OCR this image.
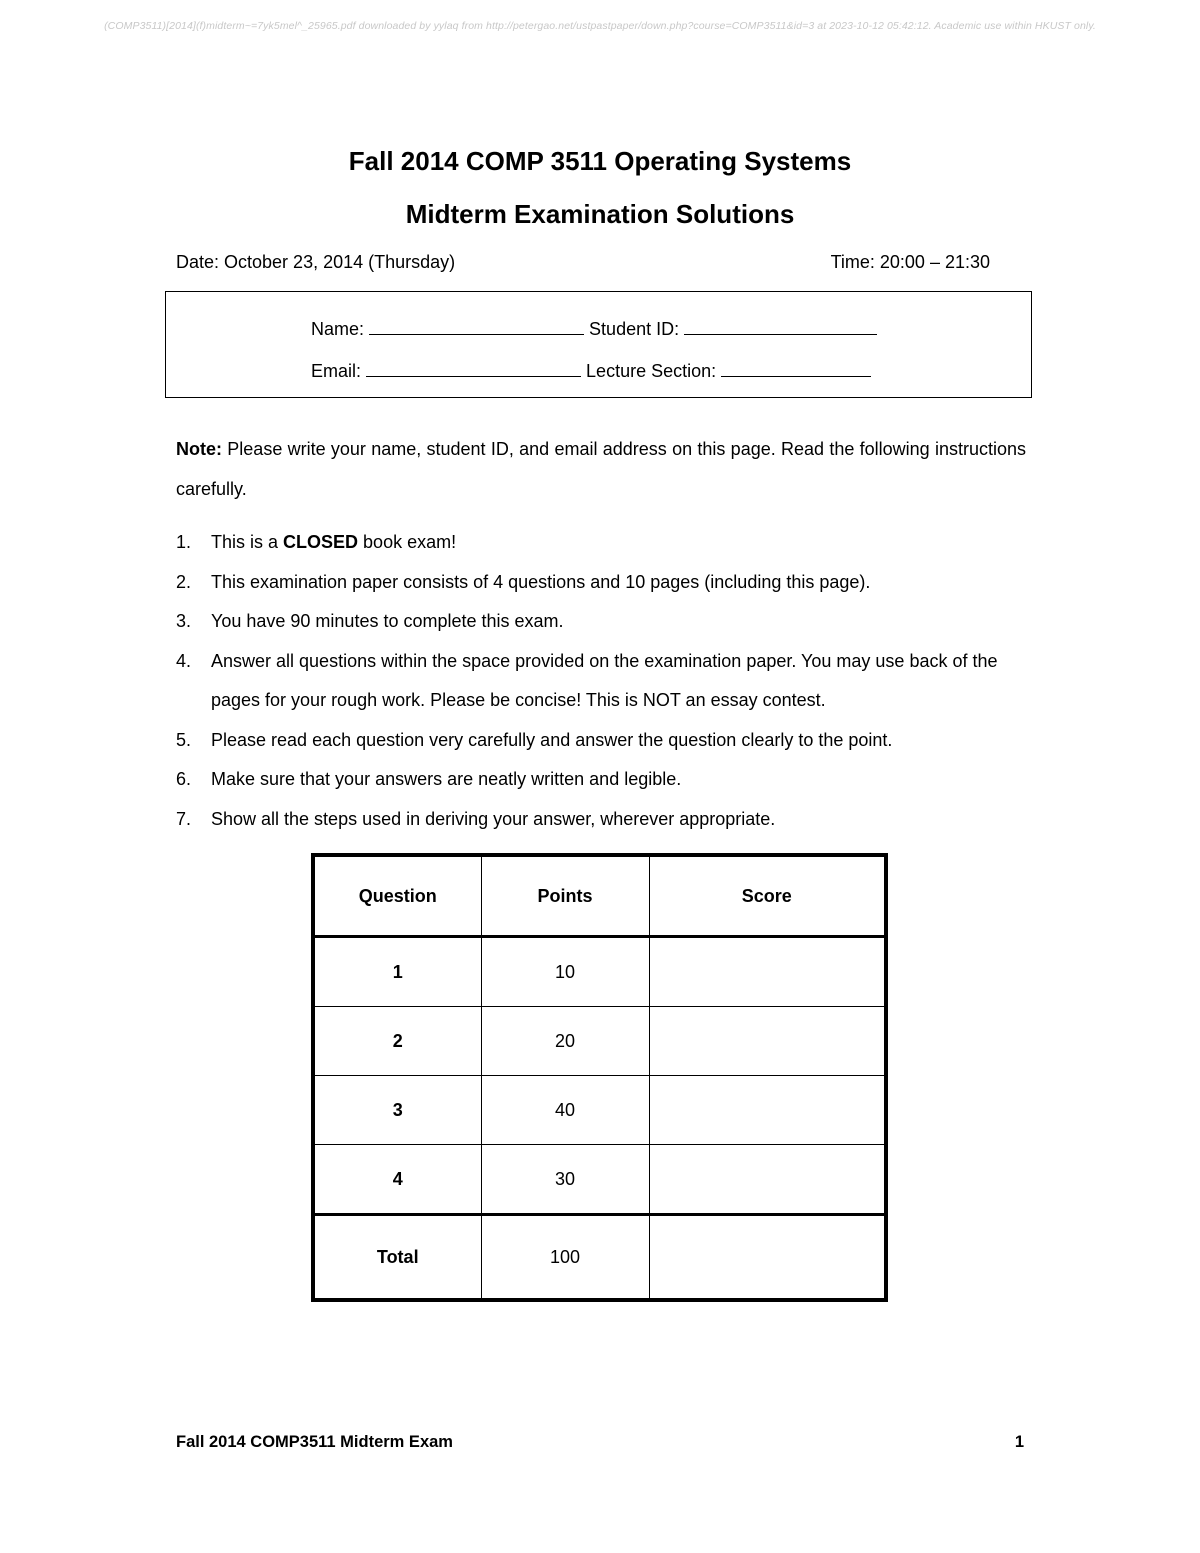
(COMP3511)[2014](f)midterm~=7yk5mel^_25965.pdf downloaded by yylaq from http://petergao.net/ustpastpaper/down.php?course=COMP3511&id=3 at 2023-10-12 05:42:12. Academic use within HKUST only.
Fall 2014 COMP 3511 Operating Systems
Midterm Examination Solutions
Date: October 23, 2014 (Thursday)	Time: 20:00 – 21:30
Name:	Student ID:
Email:	Lecture Section:
Note: Please write your name, student ID, and email address on this page. Read the following instructions carefully.
1. This is a CLOSED book exam!
2. This examination paper consists of 4 questions and 10 pages (including this page).
3. You have 90 minutes to complete this exam.
4. Answer all questions within the space provided on the examination paper. You may use back of the pages for your rough work. Please be concise! This is NOT an essay contest.
5. Please read each question very carefully and answer the question clearly to the point.
6. Make sure that your answers are neatly written and legible.
7. Show all the steps used in deriving your answer, wherever appropriate.
Question	Points	Score
1	10	
2	20	
3	40	
4	30	
Total	100	
Fall 2014 COMP3511 Midterm Exam	1
